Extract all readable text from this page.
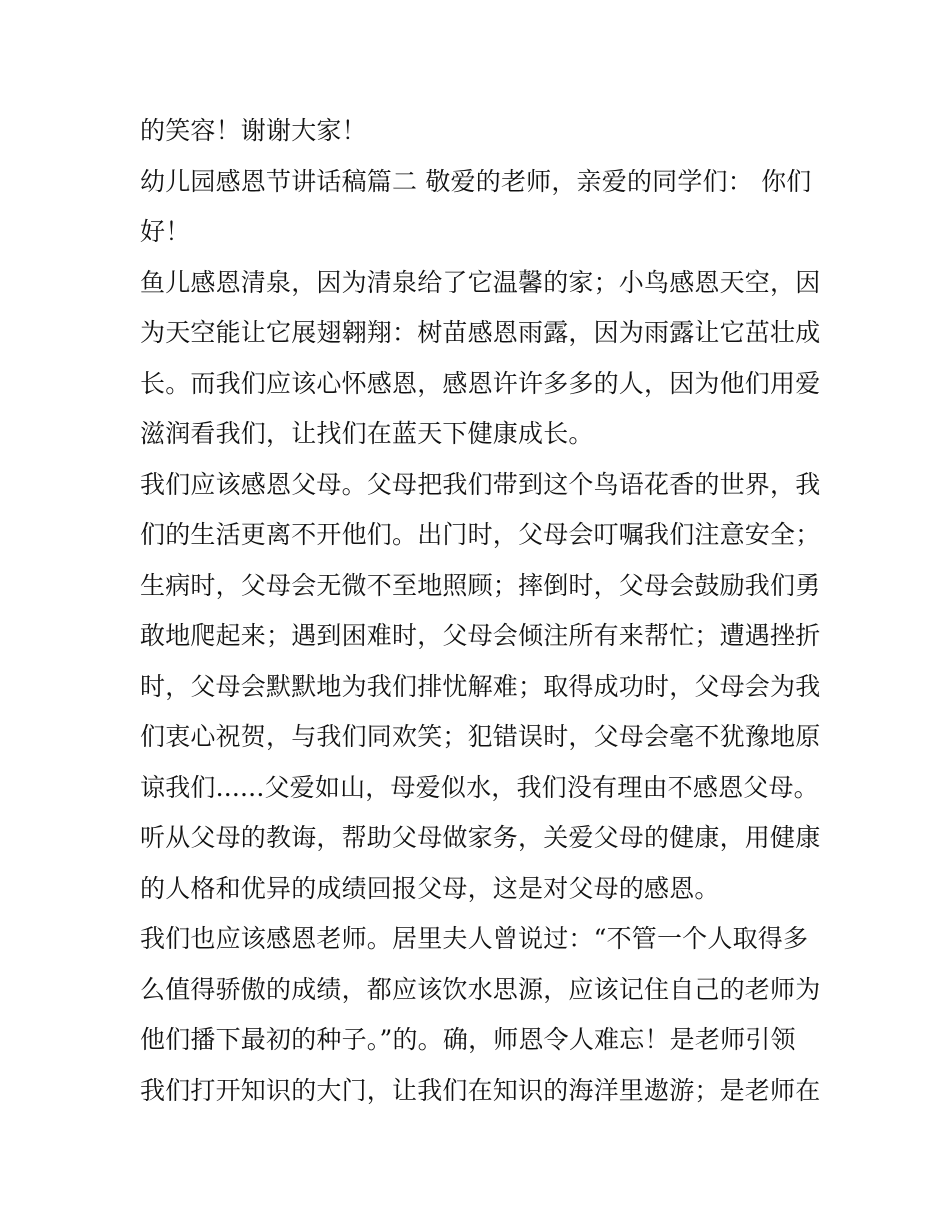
的笑容！谢谢大家！
幼儿园感恩节讲话稿篇二 敬爱的老师，亲爱的同学们： 你们
好！
鱼儿感恩清泉，因为清泉给了它温馨的家；小鸟感恩天空，因
为天空能让它展翅翱翔：树苗感恩雨露，因为雨露让它茁壮成
长。而我们应该心怀感恩，感恩许许多多的人，因为他们用爱
滋润看我们，让找们在蓝天下健康成长。
我们应该感恩父母。父母把我们带到这个鸟语花香的世界，我
们的生活更离不开他们。出门时，父母会叮嘱我们注意安全；
生病时，父母会无微不至地照顾；摔倒时，父母会鼓励我们勇
敢地爬起来；遇到困难时，父母会倾注所有来帮忙；遭遇挫折
时，父母会默默地为我们排忧解难；取得成功时，父母会为我
们衷心祝贺，与我们同欢笑；犯错误时，父母会毫不犹豫地原
谅我们......父爱如山，母爱似水，我们没有理由不感恩父母。
听从父母的教诲，帮助父母做家务，关爱父母的健康，用健康
的人格和优异的成绩回报父母，这是对父母的感恩。
我们也应该感恩老师。居里夫人曾说过：“不管一个人取得多
么值得骄傲的成绩，都应该饮水思源，应该记住自己的老师为
他们播下最初的种子。”的。确，师恩令人难忘！是老师引领
我们打开知识的大门，让我们在知识的海洋里遨游；是老师在
